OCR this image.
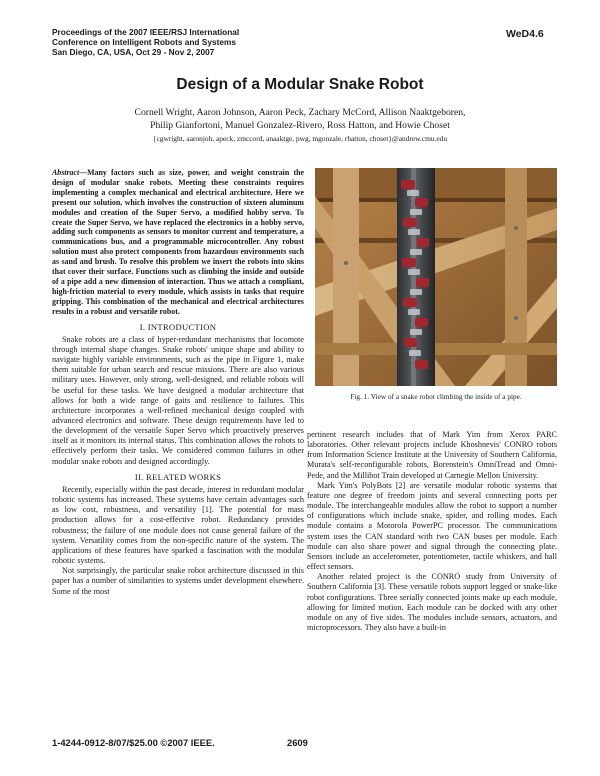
Proceedings of the 2007 IEEE/RSJ International
Conference on Intelligent Robots and Systems
San Diego, CA, USA, Oct 29 - Nov 2, 2007
WeD4.6
Design of a Modular Snake Robot
Cornell Wright, Aaron Johnson, Aaron Peck, Zachary McCord, Allison Naaktgeboren,
Philip Gianfortoni, Manuel Gonzalez-Rivero, Ross Hatton, and Howie Choset
{cgwright, aaronjoh, apeck, zmccord, anaaktge, pwg, mgonzale, rhatton, choset}@andrew.cmu.edu
Abstract—Many factors such as size, power, and weight constrain the design of modular snake robots. Meeting these constraints requires implementing a complex mechanical and electrical architecture. Here we present our solution, which involves the construction of sixteen aluminum modules and creation of the Super Servo, a modified hobby servo. To create the Super Servo, we have replaced the electronics in a hobby servo, adding such components as sensors to monitor current and temperature, a communications bus, and a programmable microcontroller. Any robust solution must also protect components from hazardous environments such as sand and brush. To resolve this problem we insert the robots into skins that cover their surface. Functions such as climbing the inside and outside of a pipe add a new dimension of interaction. Thus we attach a compliant, high-friction material to every module, which assists in tasks that require gripping. This combination of the mechanical and electrical architectures results in a robust and versatile robot.
I. INTRODUCTION

Snake robots are a class of hyper-redundant mechanisms that locomote through internal shape changes. Snake robots' unique shape and ability to navigate highly variable environments, such as the pipe in Figure 1, make them suitable for urban search and rescue missions. There are also various military uses. However, only strong, well-designed, and reliable robots will be useful for these tasks. We have designed a modular architecture that allows for both a wide range of gaits and resilience to failures. This architecture incorporates a well-refined mechanical design coupled with advanced electronics and software. These design requirements have led to the development of the versatile Super Servo which proactively preserves itself as it monitors its internal status. This combination allows the robots to effectively perform their tasks. We considered common failures in other modular snake robots and designed accordingly.

II. RELATED WORKS

Recently, especially within the past decade, interest in redundant modular robotic systems has increased. These systems have certain advantages such as low cost, robustness, and versatility [1]. The potential for mass production allows for a cost-effective robot. Redundancy provides robustness; the failure of one module does not cause general failure of the system. Versatility comes from the non-specific nature of the system. The applications of these features have sparked a fascination with the modular robotic systems.

Not surprisingly, the particular snake robot architecture discussed in this paper has a number of similarities to systems under development elsewhere. Some of the most

Fig. 1. View of a snake robot climbing the inside of a pipe.

pertinent research includes that of Mark Yim from Xerox PARC laboratories. Other relevant projects include Khoshnevis' CONRO robots from Information Science Institute at the University of Southern California, Murata's self-reconfigurable robots, Borenstein's OmniTread and Omni-Pede, and the Millibot Train developed at Carnegie Mellon University.

Mark Yim's PolyBots [2] are versatile modular robotic systems that feature one degree of freedom joints and several connecting ports per module. The interchangeable modules allow the robot to support a number of configurations which include snake, spider, and rolling modes. Each module contains a Motorola PowerPC processor. The communications system uses the CAN standard with two CAN buses per module. Each module can also share power and signal through the connecting plate. Sensors include an accelerometer, potentiometer, tactile whiskers, and hall effect sensors.

Another related project is the CONRO study from University of Southern California [3]. These versatile robots support legged or snake-like robot configurations. Three serially connected joints make up each module, allowing for limited motion. Each module can be docked with any other module on any of five sides. The modules include sensors, actuators, and microprocessors. They also have a built-in

1-4244-0912-8/07/$25.00 ©2007 IEEE.	2609
